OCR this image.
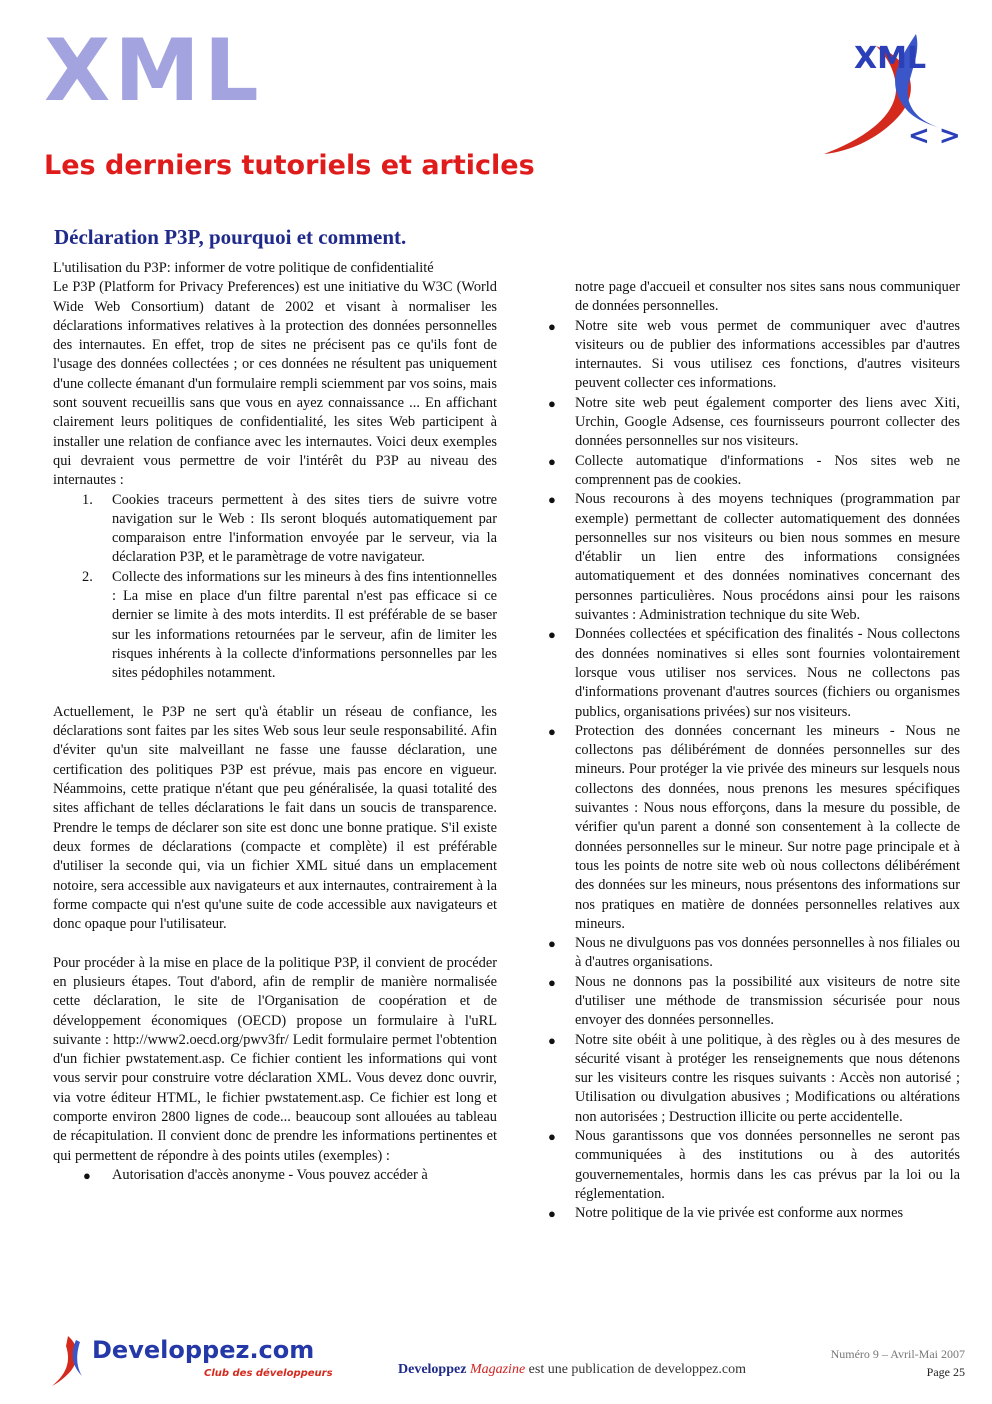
XML
Les derniers tutoriels et articles
XML
< >
Déclaration P3P, pourquoi et comment.

L'utilisation du P3P: informer de votre politique de confidentialité

Le P3P (Platform for Privacy Preferences) est une initiative du W3C (World Wide Web Consortium) datant de 2002 et visant à normaliser les déclarations informatives relatives à la protection des données personnelles des internautes. En effet, trop de sites ne précisent pas ce qu'ils font de l'usage des données collectées ; or ces données ne résultent pas uniquement d'une collecte émanant d'un formulaire rempli sciemment par vos soins, mais sont souvent recueillis sans que vous en ayez connaissance ... En affichant clairement leurs politiques de confidentialité, les sites Web participent à installer une relation de confiance avec les internautes. Voici deux exemples qui devraient vous permettre de voir l'intérêt du P3P au niveau des internautes :

1. Cookies traceurs permettent à des sites tiers de suivre votre navigation sur le Web : Ils seront bloqués automatiquement par comparaison entre l'information envoyée par le serveur, via la déclaration P3P, et le paramètrage de votre navigateur.
2. Collecte des informations sur les mineurs à des fins intentionnelles : La mise en place d'un filtre parental n'est pas efficace si ce dernier se limite à des mots interdits. Il est préférable de se baser sur les informations retournées par le serveur, afin de limiter les risques inhérents à la collecte d'informations personnelles par les sites pédophiles notamment.

Actuellement, le P3P ne sert qu'à établir un réseau de confiance, les déclarations sont faites par les sites Web sous leur seule responsabilité. Afin d'éviter qu'un site malveillant ne fasse une fausse déclaration, une certification des politiques P3P est prévue, mais pas encore en vigueur. Néammoins, cette pratique n'étant que peu généralisée, la quasi totalité des sites affichant de telles déclarations le fait dans un soucis de transparence. Prendre le temps de déclarer son site est donc une bonne pratique. S'il existe deux formes de déclarations (compacte et complète) il est préférable d'utiliser la seconde qui, via un fichier XML situé dans un emplacement notoire, sera accessible aux navigateurs et aux internautes, contrairement à la forme compacte qui n'est qu'une suite de code accessible aux navigateurs et donc opaque pour l'utilisateur.

Pour procéder à la mise en place de la politique P3P, il convient de procéder en plusieurs étapes. Tout d'abord, afin de remplir de manière normalisée cette déclaration, le site de l'Organisation de coopération et de développement économiques (OECD) propose un formulaire à l'uRL suivante : http://www2.oecd.org/pwv3fr/ Ledit formulaire permet l'obtention d'un fichier pwstatement.asp. Ce fichier contient les informations qui vont vous servir pour construire votre déclaration XML. Vous devez donc ouvrir, via votre éditeur HTML, le fichier pwstatement.asp. Ce fichier est long et comporte environ 2800 lignes de code... beaucoup sont allouées au tableau de récapitulation. Il convient donc de prendre les informations pertinentes et qui permettent de répondre à des points utiles (exemples) :

● Autorisation d'accès anonyme - Vous pouvez accéder à

notre page d'accueil et consulter nos sites sans nous communiquer de données personnelles.

● Notre site web vous permet de communiquer avec d'autres visiteurs ou de publier des informations accessibles par d'autres internautes. Si vous utilisez ces fonctions, d'autres visiteurs peuvent collecter ces informations.
● Notre site web peut également comporter des liens avec Xiti, Urchin, Google Adsense, ces fournisseurs pourront collecter des données personnelles sur nos visiteurs.
● Collecte automatique d'informations - Nos sites web ne comprennent pas de cookies.
● Nous recourons à des moyens techniques (programmation par exemple) permettant de collecter automatiquement des données personnelles sur nos visiteurs ou bien nous sommes en mesure d'établir un lien entre des informations consignées automatiquement et des données nominatives concernant des personnes particulières. Nous procédons ainsi pour les raisons suivantes : Administration technique du site Web.
● Données collectées et spécification des finalités - Nous collectons des données nominatives si elles sont fournies volontairement lorsque vous utiliser nos services. Nous ne collectons pas d'informations provenant d'autres sources (fichiers ou organismes publics, organisations privées) sur nos visiteurs.
● Protection des données concernant les mineurs - Nous ne collectons pas délibérément de données personnelles sur des mineurs. Pour protéger la vie privée des mineurs sur lesquels nous collectons des données, nous prenons les mesures spécifiques suivantes : Nous nous efforçons, dans la mesure du possible, de vérifier qu'un parent a donné son consentement à la collecte de données personnelles sur le mineur. Sur notre page principale et à tous les points de notre site web où nous collectons délibérément des données sur les mineurs, nous présentons des informations sur nos pratiques en matière de données personnelles relatives aux mineurs.
● Nous ne divulguons pas vos données personnelles à nos filiales ou à d'autres organisations.
● Nous ne donnons pas la possibilité aux visiteurs de notre site d'utiliser une méthode de transmission sécurisée pour nous envoyer des données personnelles.
● Notre site obéit à une politique, à des règles ou à des mesures de sécurité visant à protéger les renseignements que nous détenons sur les visiteurs contre les risques suivants : Accès non autorisé ; Utilisation ou divulgation abusives ; Modifications ou altérations non autorisées ; Destruction illicite ou perte accidentelle.
● Nous garantissons que vos données personnelles ne seront pas communiquées à des institutions ou à des autorités gouvernementales, hormis dans les cas prévus par la loi ou la réglementation.
● Notre politique de la vie privée est conforme aux normes
Developpez.com
Club des développeurs	Developpez Magazine est une publication de developpez.com
Numéro 9 – Avril-Mai 2007
Page 25
